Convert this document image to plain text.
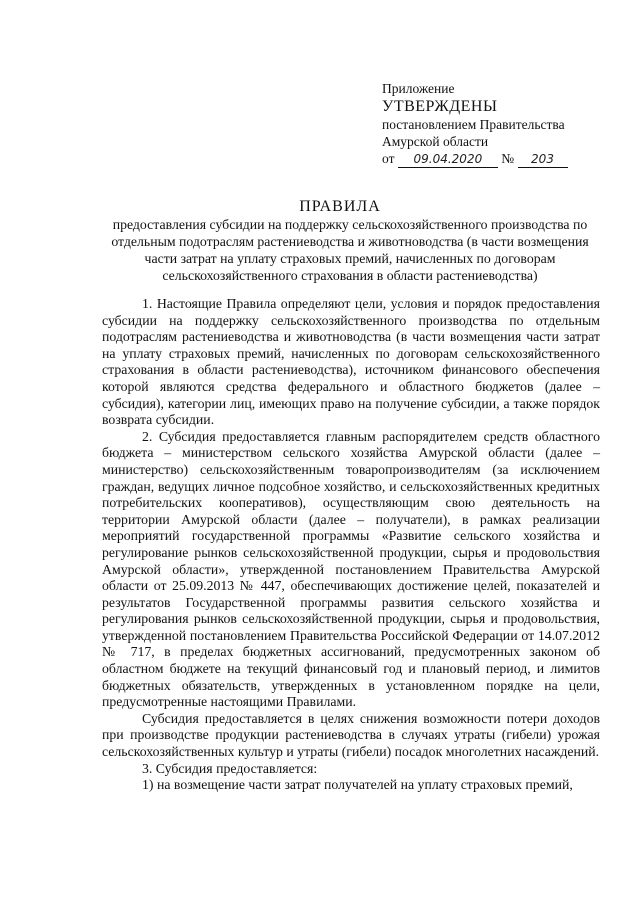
Приложение
УТВЕРЖДЕНЫ
постановлением Правительства
Амурской области
от 09.04.2020 № 203
ПРАВИЛА
предоставления субсидии на поддержку сельскохозяйственного производства по отдельным подотраслям растениеводства и животноводства (в части возмещения части затрат на уплату страховых премий, начисленных по договорам сельскохозяйственного страхования в области растениеводства)

1. Настоящие Правила определяют цели, условия и порядок предоставления субсидии на поддержку сельскохозяйственного производства по отдельным подотраслям растениеводства и животноводства (в части возмещения части затрат на уплату страховых премий, начисленных по договорам сельскохозяйственного страхования в области растениеводства), источником финансового обеспечения которой являются средства федерального и областного бюджетов (далее – субсидия), категории лиц, имеющих право на получение субсидии, а также порядок возврата субсидии.

2. Субсидия предоставляется главным распорядителем средств областного бюджета – министерством сельского хозяйства Амурской области (далее – министерство) сельскохозяйственным товаропроизводителям (за исключением граждан, ведущих личное подсобное хозяйство, и сельскохозяйственных кредитных потребительских кооперативов), осуществляющим свою деятельность на территории Амурской области (далее – получатели), в рамках реализации мероприятий государственной программы «Развитие сельского хозяйства и регулирование рынков сельскохозяйственной продукции, сырья и продовольствия Амурской области», утвержденной постановлением Правительства Амурской области от 25.09.2013 № 447, обеспечивающих достижение целей, показателей и результатов Государственной программы развития сельского хозяйства и регулирования рынков сельскохозяйственной продукции, сырья и продовольствия, утвержденной постановлением Правительства Российской Федерации от 14.07.2012 № 717, в пределах бюджетных ассигнований, предусмотренных законом об областном бюджете на текущий финансовый год и плановый период, и лимитов бюджетных обязательств, утвержденных в установленном порядке на цели, предусмотренные настоящими Правилами.

Субсидия предоставляется в целях снижения возможности потери доходов при производстве продукции растениеводства в случаях утраты (гибели) урожая сельскохозяйственных культур и утраты (гибели) посадок многолетних насаждений.

3. Субсидия предоставляется:

1) на возмещение части затрат получателей на уплату страховых премий,
